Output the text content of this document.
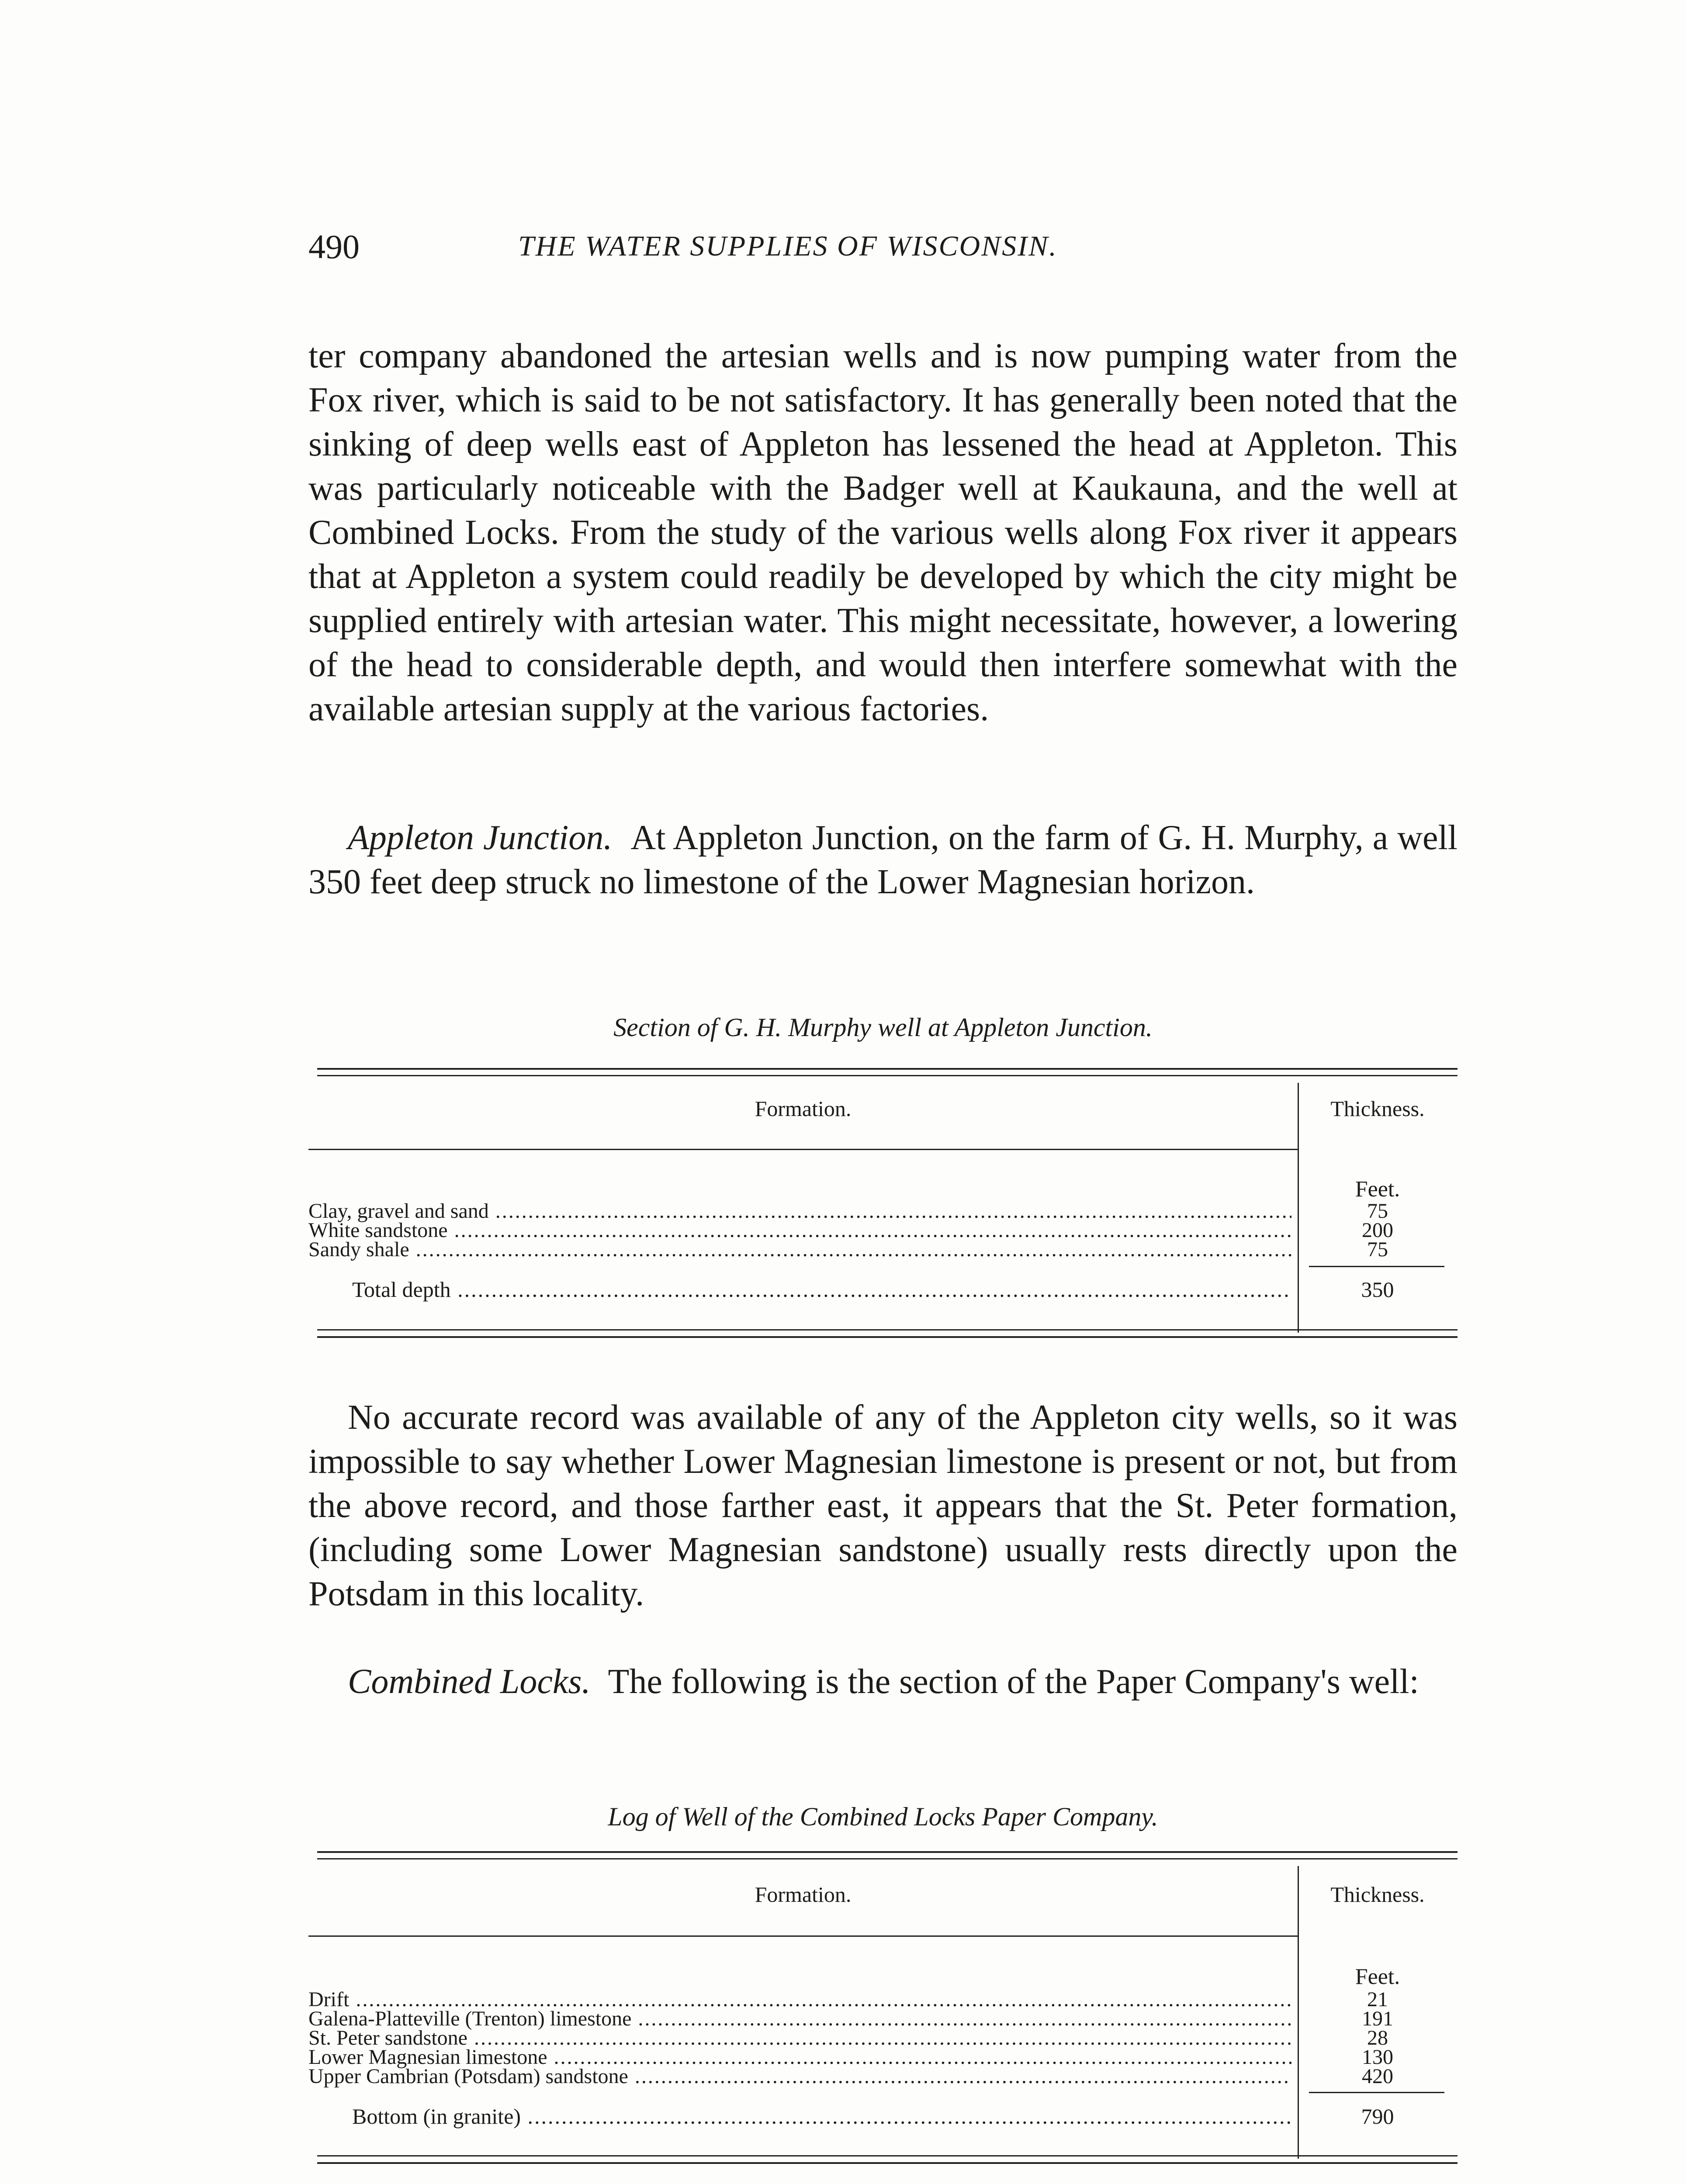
490	THE WATER SUPPLIES OF WISCONSIN.

ter company abandoned the artesian wells and is now pumping water from the Fox river, which is said to be not satisfactory. It has generally been noted that the sinking of deep wells east of Appleton has lessened the head at Appleton. This was particularly noticeable with the Badger well at Kaukauna, and the well at Combined Locks. From the study of the various wells along Fox river it appears that at Appleton a system could readily be developed by which the city might be supplied entirely with artesian water. This might necessitate, however, a lowering of the head to considerable depth, and would then interfere somewhat with the available artesian supply at the various factories.

Appleton Junction. At Appleton Junction, on the farm of G. H. Murphy, a well 350 feet deep struck no limestone of the Lower Magnesian horizon.

Section of G. H. Murphy well at Appleton Junction.

Formation.	Thickness.
Feet.
Clay, gravel and sand .....	75
White sandstone .....	200
Sandy shale .....	75
Total depth .....	350

No accurate record was available of any of the Appleton city wells, so it was impossible to say whether Lower Magnesian limestone is present or not, but from the above record, and those farther east, it appears that the St. Peter formation, (including some Lower Magnesian sandstone) usually rests directly upon the Potsdam in this locality.

Combined Locks. The following is the section of the Paper Company's well:

Log of Well of the Combined Locks Paper Company.

Formation.	Thickness.
Feet.
Drift .....	21
Galena-Platteville (Trenton) limestone .....	191
St. Peter sandstone .....	28
Lower Magnesian limestone .....	130
Upper Cambrian (Potsdam) sandstone .....	420
Bottom (in granite) .....	790
